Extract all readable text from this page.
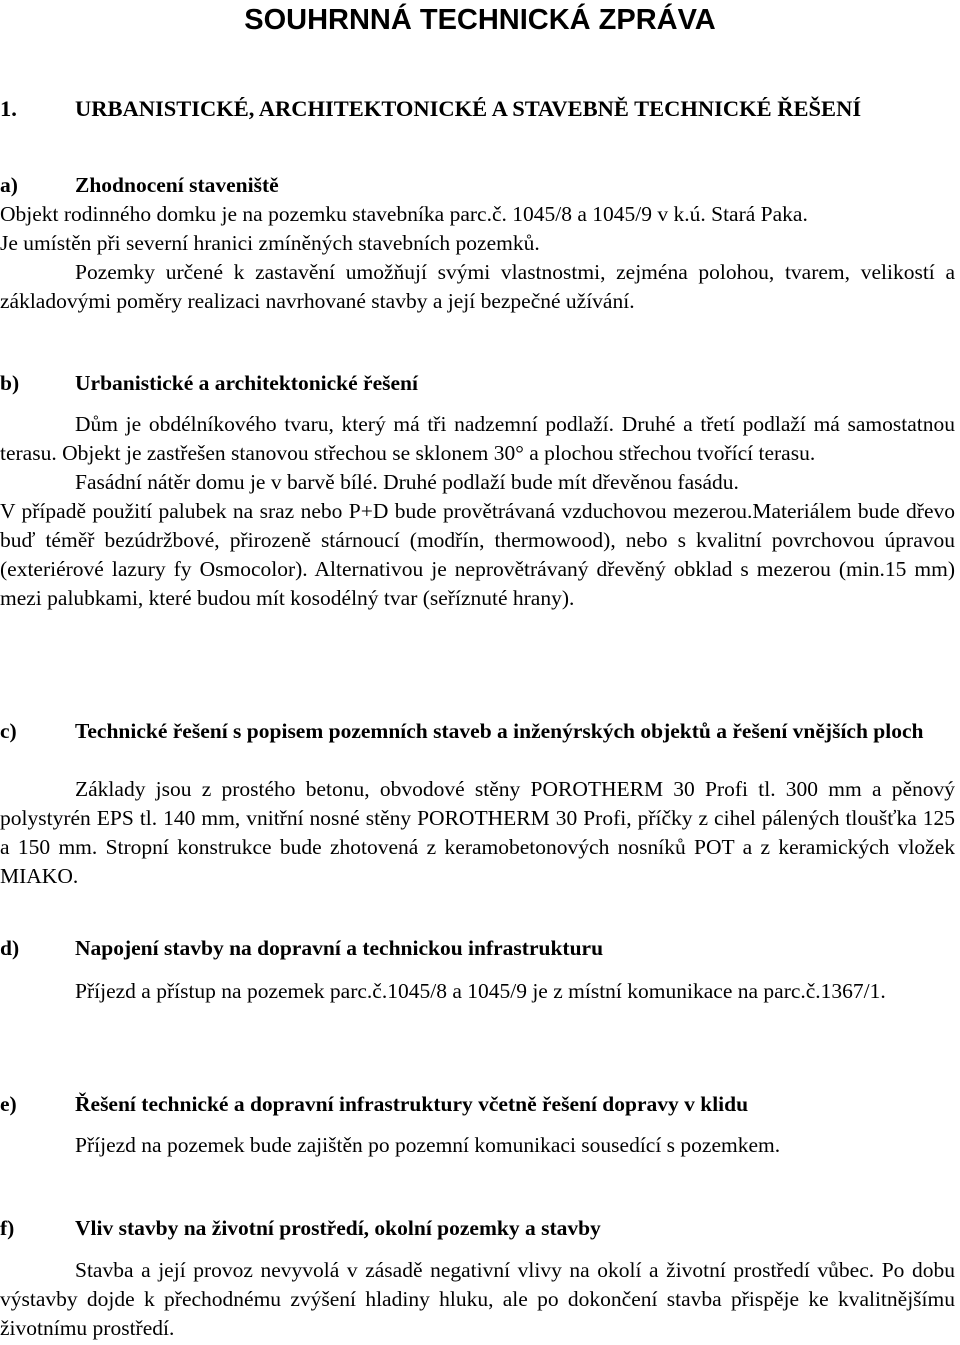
SOUHRNNÁ TECHNICKÁ ZPRÁVA
1.	URBANISTICKÉ, ARCHITEKTONICKÉ A STAVEBNĚ TECHNICKÉ ŘEŠENÍ
a)	Zhodnocení staveniště

Objekt rodinného domku je na pozemku stavebníka parc.č. 1045/8 a 1045/9 v k.ú. Stará Paka.

Je umístěn při severní hranici zmíněných stavebních pozemků.

Pozemky určené k zastavění umožňují svými vlastnostmi, zejména polohou, tvarem, velikostí a základovými poměry realizaci navrhované stavby a její bezpečné užívání.

b)	Urbanistické a architektonické řešení

Dům je obdélníkového tvaru, který má tři nadzemní podlaží. Druhé a třetí podlaží má samostatnou terasu. Objekt je zastřešen stanovou střechou se sklonem 30° a plochou střechou tvořící terasu.

Fasádní nátěr domu je v barvě bílé. Druhé podlaží bude mít dřevěnou fasádu.

V případě použití palubek na sraz nebo P+D bude provětrávaná vzduchovou mezerou.Materiálem bude dřevo buď téměř bezúdržbové, přirozeně stárnoucí (modřín, thermowood), nebo s kvalitní povrchovou úpravou (exteriérové lazury fy Osmocolor). Alternativou je neprovětrávaný dřevěný obklad s mezerou (min.15 mm) mezi palubkami, které budou mít kosodélný tvar (seříznuté hrany).

c)	Technické řešení s popisem pozemních staveb a inženýrských objektů a řešení vnějších ploch

Základy jsou z prostého betonu, obvodové stěny POROTHERM 30 Profi tl. 300 mm a pěnový polystyrén EPS tl. 140 mm, vnitřní nosné stěny POROTHERM 30 Profi, příčky z cihel pálených tloušťka 125 a 150 mm. Stropní konstrukce bude zhotovená z keramobetonových nosníků POT a z keramických vložek MIAKO.

d)	Napojení stavby na dopravní a technickou infrastrukturu

Příjezd a přístup na pozemek parc.č.1045/8 a 1045/9 je z místní komunikace na parc.č.1367/1.

e)	Řešení technické a dopravní infrastruktury včetně řešení dopravy v klidu

Příjezd na pozemek bude zajištěn po pozemní komunikaci sousedící s pozemkem.

f)	Vliv stavby na životní prostředí, okolní pozemky a stavby

Stavba a její provoz nevyvolá v zásadě negativní vlivy na okolí a životní prostředí vůbec. Po dobu výstavby dojde k přechodnému zvýšení hladiny hluku, ale po dokončení stavba přispěje ke kvalitnějšímu životnímu prostředí.
